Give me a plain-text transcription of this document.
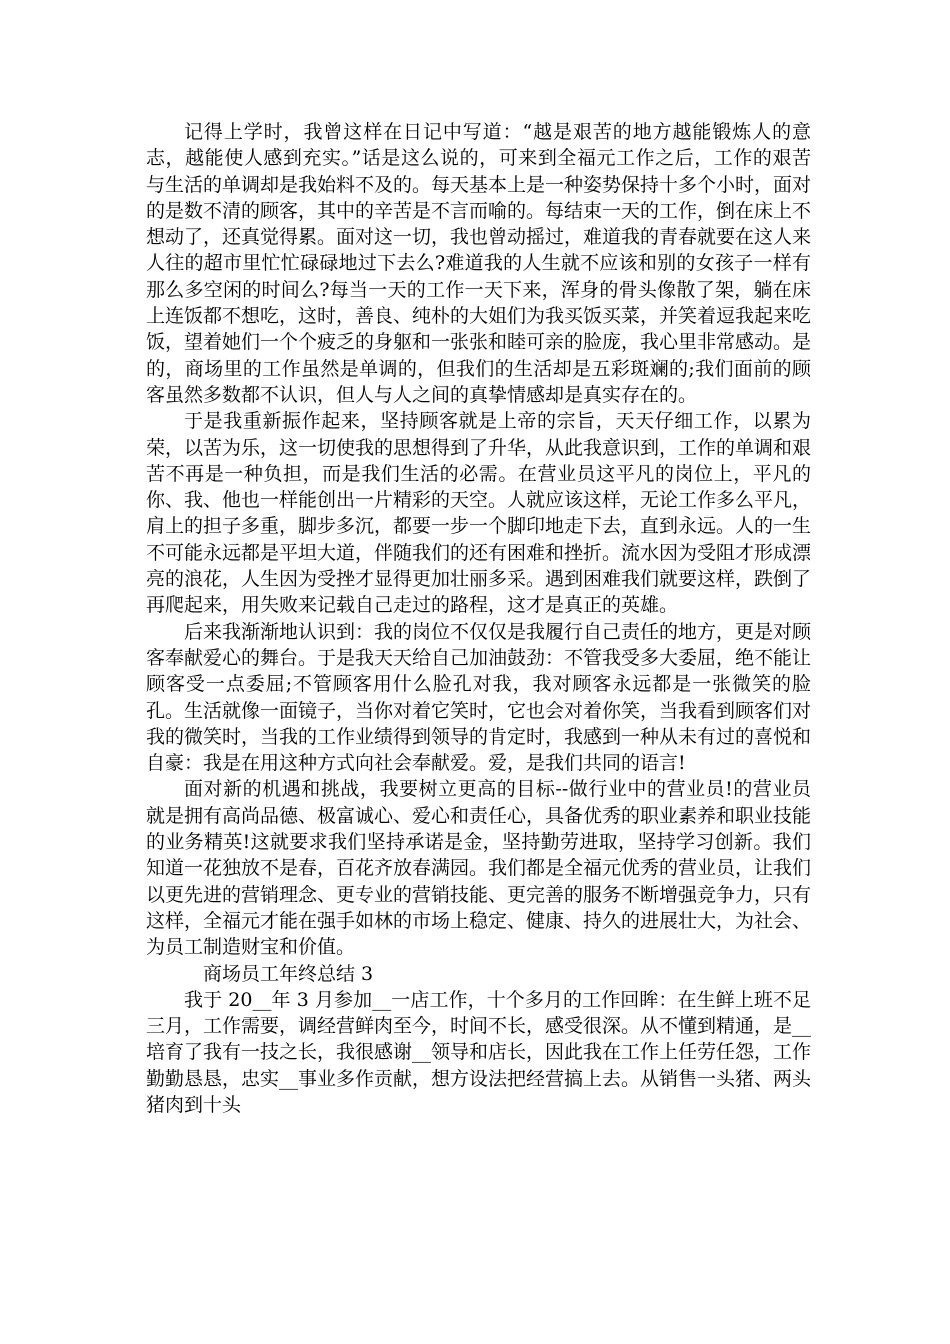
记得上学时，我曾这样在日记中写道：“越是艰苦的地方越能锻炼人的意志，越能使人感到充实。”话是这么说的，可来到全福元工作之后，工作的艰苦与生活的单调却是我始料不及的。每天基本上是一种姿势保持十多个小时，面对的是数不清的顾客，其中的辛苦是不言而喻的。每结束一天的工作，倒在床上不想动了，还真觉得累。面对这一切，我也曾动摇过，难道我的青春就要在这人来人往的超市里忙忙碌碌地过下去么?难道我的人生就不应该和别的女孩子一样有那么多空闲的时间么?每当一天的工作一天下来，浑身的骨头像散了架，躺在床上连饭都不想吃，这时，善良、纯朴的大姐们为我买饭买菜，并笑着逗我起来吃饭，望着她们一个个疲乏的身躯和一张张和睦可亲的脸庞，我心里非常感动。是的，商场里的工作虽然是单调的，但我们的生活却是五彩斑斓的;我们面前的顾客虽然多数都不认识，但人与人之间的真挚情感却是真实存在的。

于是我重新振作起来，坚持顾客就是上帝的宗旨，天天仔细工作，以累为荣，以苦为乐，这一切使我的思想得到了升华，从此我意识到，工作的单调和艰苦不再是一种负担，而是我们生活的必需。在营业员这平凡的岗位上，平凡的你、我、他也一样能创出一片精彩的天空。人就应该这样，无论工作多么平凡，肩上的担子多重，脚步多沉，都要一步一个脚印地走下去，直到永远。人的一生不可能永远都是平坦大道，伴随我们的还有困难和挫折。流水因为受阻才形成漂亮的浪花，人生因为受挫才显得更加壮丽多采。遇到困难我们就要这样，跌倒了再爬起来，用失败来记载自己走过的路程，这才是真正的英雄。

后来我渐渐地认识到：我的岗位不仅仅是我履行自己责任的地方，更是对顾客奉献爱心的舞台。于是我天天给自己加油鼓劲：不管我受多大委屈，绝不能让顾客受一点委屈;不管顾客用什么脸孔对我，我对顾客永远都是一张微笑的脸孔。生活就像一面镜子，当你对着它笑时，它也会对着你笑，当我看到顾客们对我的微笑时，当我的工作业绩得到领导的肯定时，我感到一种从未有过的喜悦和自豪：我是在用这种方式向社会奉献爱。爱，是我们共同的语言!

面对新的机遇和挑战，我要树立更高的目标--做行业中的营业员!的营业员就是拥有高尚品德、极富诚心、爱心和责任心，具备优秀的职业素养和职业技能的业务精英!这就要求我们坚持承诺是金，坚持勤劳进取，坚持学习创新。我们知道一花独放不是春，百花齐放春满园。我们都是全福元优秀的营业员，让我们以更先进的营销理念、更专业的营销技能、更完善的服务不断增强竞争力，只有这样，全福元才能在强手如林的市场上稳定、健康、持久的进展壮大，为社会、为员工制造财宝和价值。

商场员工年终总结 3

我于 20__年 3 月参加__一店工作，十个多月的工作回眸：在生鲜上班不足三月，工作需要，调经营鲜肉至今，时间不长，感受很深。从不懂到精通，是__培育了我有一技之长，我很感谢__领导和店长，因此我在工作上任劳任怨，工作勤勤恳恳，忠实__事业多作贡献，想方设法把经营搞上去。从销售一头猪、两头猪肉到十头
